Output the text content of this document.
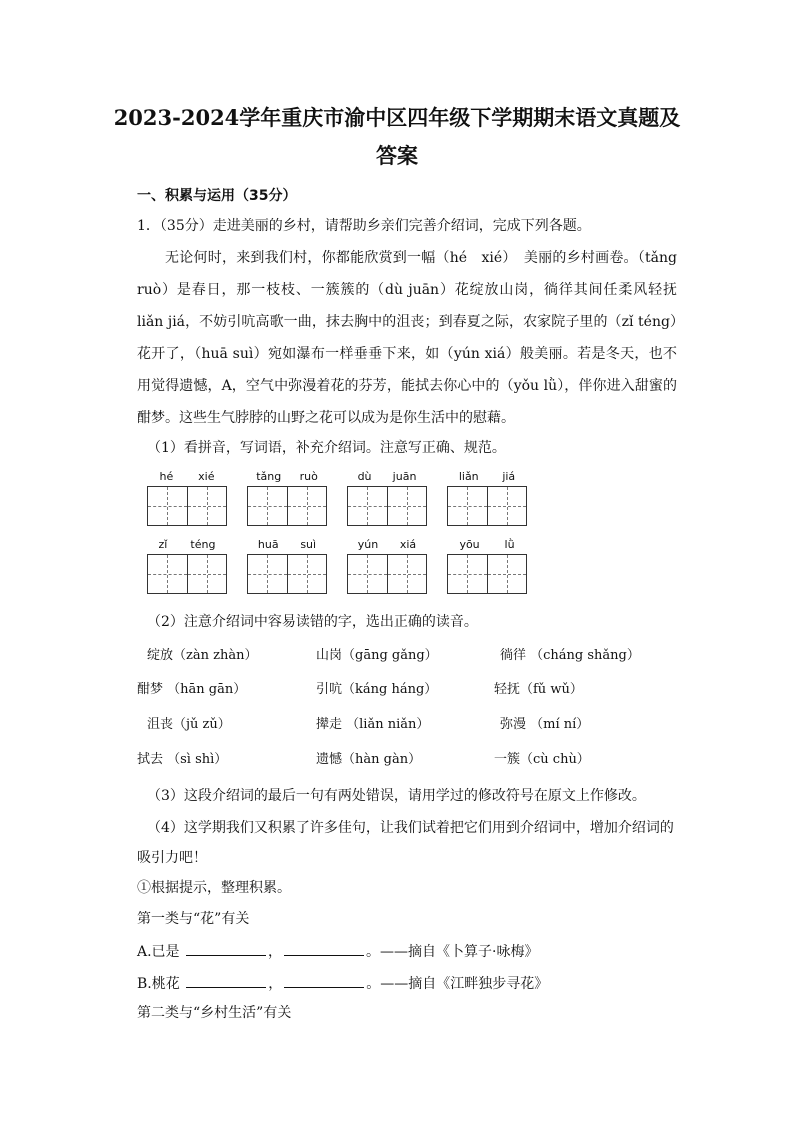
2023-2024学年重庆市渝中区四年级下学期期末语文真题及
答案
一、积累与运用（35分）
1．（35分）走进美丽的乡村，请帮助乡亲们完善介绍词，完成下列各题。
无论何时，来到我们村，你都能欣赏到一幅（hé　xié）　美丽的乡村画卷。（tǎng ruò）是春日，那一枝枝、一簇簇的（dù juān）花绽放山岗，徜徉其间任柔风轻抚 liǎn jiá，不妨引吭高歌一曲，抹去胸中的沮丧；到春夏之际，农家院子里的（zǐ téng）花开了，（huā suì）宛如瀑布一样垂垂下来，如（yún xiá）般美丽。若是冬天，也不用觉得遗憾，A，空气中弥漫着花的芬芳，能拭去你心中的（yǒu lǜ），伴你进入甜蜜的酣梦。这些生气脖脖的山野之花可以成为是你生活中的慰藉。
（1）看拼音，写词语，补充介绍词。注意写正确、规范。
hé xié	tǎng ruò	dù juān	liǎn jiá
zǐ téng	huā suì	yún xiá	yōu lǜ
（2）注意介绍词中容易读错的字，选出正确的读音。
绽放（zàn zhàn）	山岗（gāng gǎng）	徜徉 （cháng shǎng）
酣梦 （hān gān）	引吭（káng háng）	轻抚（fǔ wǔ）
沮丧（jǔ zǔ）	撵走 （liǎn niǎn）	弥漫 （mí ní）
拭去 （sì shì）	遗憾（hàn gàn）	一簇（cù chù）
（3）这段介绍词的最后一句有两处错误，请用学过的修改符号在原文上作修改。
（4）这学期我们又积累了许多佳句，让我们试着把它们用到介绍词中，增加介绍词的
吸引力吧！
①根据提示，整理积累。
第一类与“花”有关
A.已是	，	。——摘自《卜算子·咏梅》
B.桃花	，	。——摘自《江畔独步寻花》
第二类与“乡村生活”有关
